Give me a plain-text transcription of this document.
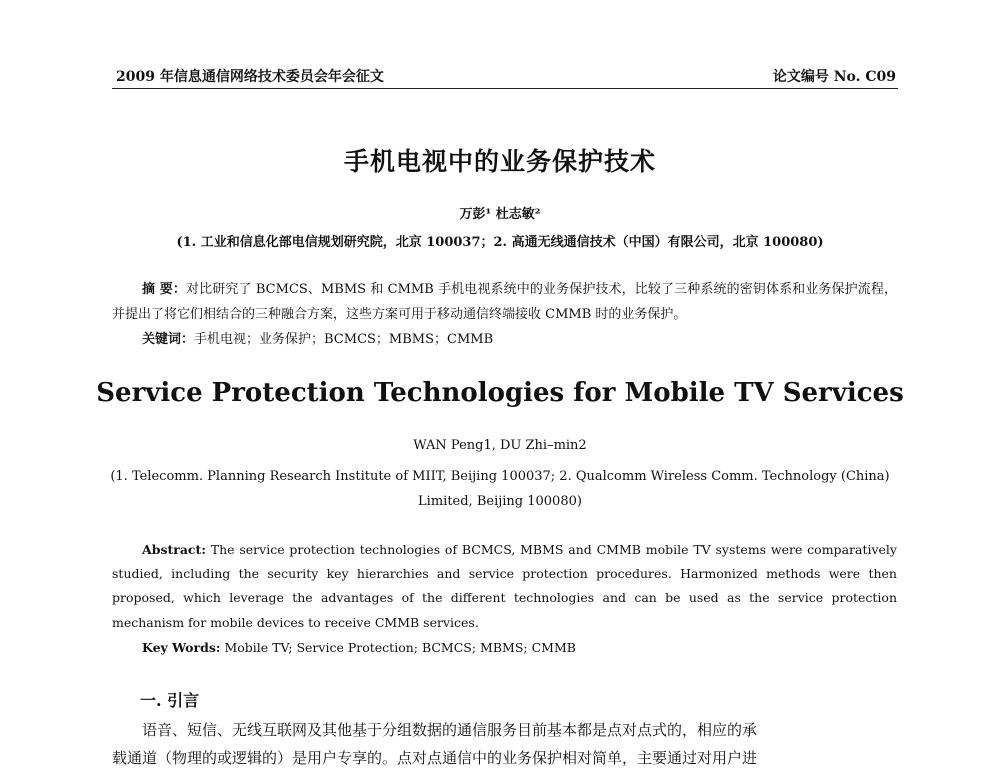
2009 年信息通信网络技术委员会年会征文	论文编号 No. C09
手机电视中的业务保护技术
万彭¹ 杜志敏²
(1. 工业和信息化部电信规划研究院，北京 100037；2. 高通无线通信技术（中国）有限公司，北京 100080)
摘 要：对比研究了 BCMCS、MBMS 和 CMMB 手机电视系统中的业务保护技术，比较了三种系统的密钥体系和业务保护流程，并提出了将它们相结合的三种融合方案，这些方案可用于移动通信终端接收 CMMB 时的业务保护。
关键词：手机电视；业务保护；BCMCS；MBMS；CMMB
Service Protection Technologies for Mobile TV Services
WAN Peng1, DU Zhi–min2
(1. Telecomm. Planning Research Institute of MIIT, Beijing 100037; 2. Qualcomm Wireless Comm. Technology (China) Limited, Beijing 100080)
Abstract: The service protection technologies of BCMCS, MBMS and CMMB mobile TV systems were comparatively studied, including the security key hierarchies and service protection procedures. Harmonized methods were then proposed, which leverage the advantages of the different technologies and can be used as the service protection mechanism for mobile devices to receive CMMB services.
Key Words: Mobile TV; Service Protection; BCMCS; MBMS; CMMB
一. 引言
语音、短信、无线互联网及其他基于分组数据的通信服务目前基本都是点对点式的，相应的承
载通道（物理的或逻辑的）是用户专享的。点对点通信中的业务保护相对简单，主要通过对用户进
